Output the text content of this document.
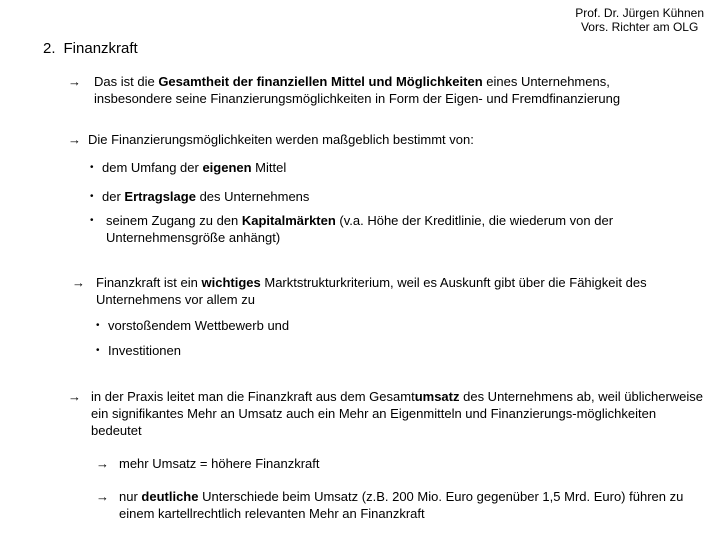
Prof. Dr. Jürgen Kühnen
Vors. Richter am OLG
2. Finanzkraft
→	Das ist die Gesamtheit der finanziellen Mittel und Möglichkeiten eines Unternehmens, insbesondere seine Finanzierungsmöglichkeiten in Form der Eigen- und Fremdfinanzierung
→ Die Finanzierungsmöglichkeiten werden maßgeblich bestimmt von:
• dem Umfang der eigenen Mittel
• der Ertragslage des Unternehmens
• seinem Zugang zu den Kapitalmärkten (v.a. Höhe der Kreditlinie, die wiederum von der Unternehmensgröße anhängt)
→ Finanzkraft ist ein wichtiges Marktstrukturkriterium, weil es Auskunft gibt über die Fähigkeit des Unternehmens vor allem zu
• vorstoßendem Wettbewerb und
• Investitionen
→ in der Praxis leitet man die Finanzkraft aus dem Gesamtumsatz des Unternehmens ab, weil üblicherweise ein signifikantes Mehr an Umsatz auch ein Mehr an Eigenmitteln und Finanzierungs-möglichkeiten bedeutet
→ mehr Umsatz = höhere Finanzkraft
→ nur deutliche Unterschiede beim Umsatz (z.B. 200 Mio. Euro gegenüber 1,5 Mrd. Euro) führen zu einem kartellrechtlich relevanten Mehr an Finanzkraft
